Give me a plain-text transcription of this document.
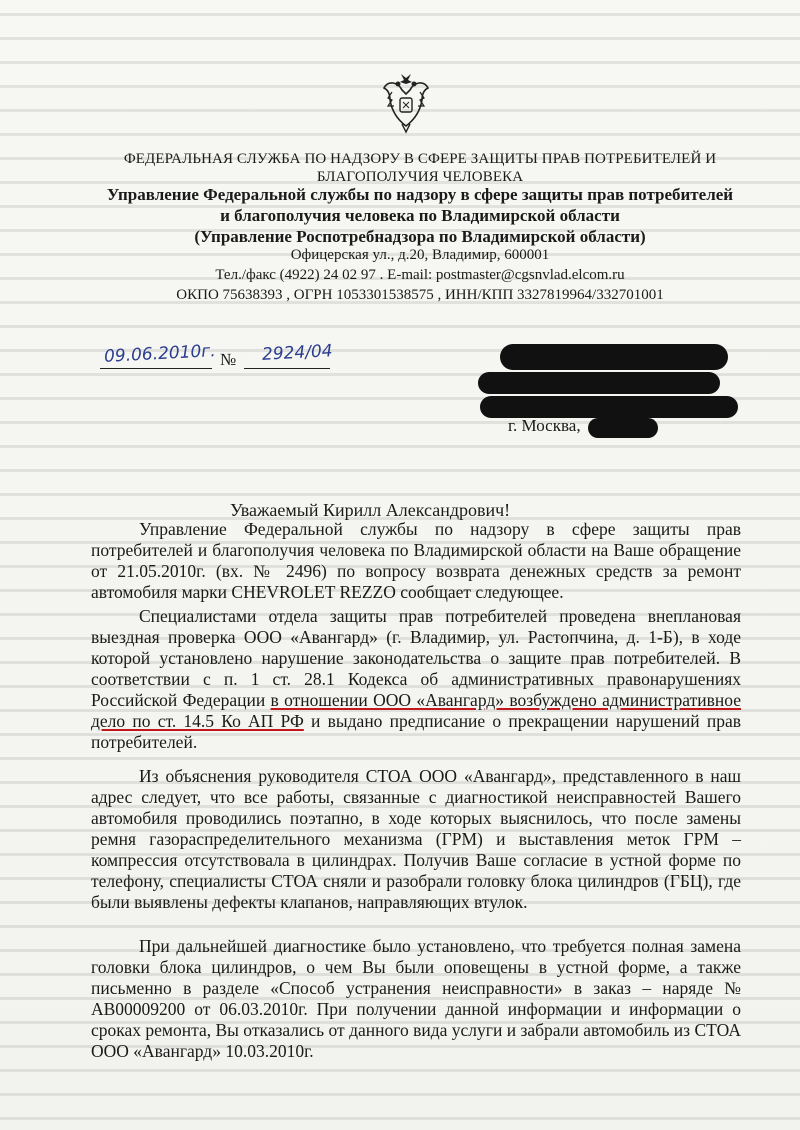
ФЕДЕРАЛЬНАЯ СЛУЖБА ПО НАДЗОРУ В СФЕРЕ ЗАЩИТЫ ПРАВ ПОТРЕБИТЕЛЕЙ И БЛАГОПОЛУЧИЯ ЧЕЛОВЕКА

Управление Федеральной службы по надзору в сфере защиты прав потребителей и благополучия человека по Владимирской области
(Управление Роспотребнадзора по Владимирской области)

Офицерская ул., д.20, Владимир, 600001

Тел./факс (4922) 24 02 97 . E-mail: postmaster@cgsnvlad.elcom.ru

ОКПО 75638393 , ОГРН 1053301538575 , ИНН/КПП 3327819964/332701001

09.06.2010г. № 2924/04
г. Москва,

Уважаемый Кирилл Александрович!

Управление Федеральной службы по надзору в сфере защиты прав потребителей и благополучия человека по Владимирской области на Ваше обращение от 21.05.2010г. (вх. № 2496) по вопросу возврата денежных средств за ремонт автомобиля марки CHEVROLET REZZO сообщает следующее.

Специалистами отдела защиты прав потребителей проведена внеплановая выездная проверка ООО «Авангард» (г. Владимир, ул. Растопчина, д. 1-Б), в ходе которой установлено нарушение законодательства о защите прав потребителей. В соответствии с п. 1 ст. 28.1 Кодекса об административных правонарушениях Российской Федерации в отношении ООО «Авангард» возбуждено административное дело по ст. 14.5 Ко АП РФ и выдано предписание о прекращении нарушений прав потребителей.

Из объяснения руководителя СТОА ООО «Авангард», представленного в наш адрес следует, что все работы, связанные с диагностикой неисправностей Вашего автомобиля проводились поэтапно, в ходе которых выяснилось, что после замены ремня газораспределительного механизма (ГРМ) и выставления меток ГРМ – компрессия отсутствовала в цилиндрах. Получив Ваше согласие в устной форме по телефону, специалисты СТОА сняли и разобрали головку блока цилиндров (ГБЦ), где были выявлены дефекты клапанов, направляющих втулок.

При дальнейшей диагностике было установлено, что требуется полная замена головки блока цилиндров, о чем Вы были оповещены в устной форме, а также письменно в разделе «Способ устранения неисправности» в заказ – наряде № АВ00009200 от 06.03.2010г. При получении данной информации и информации о сроках ремонта, Вы отказались от данного вида услуги и забрали автомобиль из СТОА ООО «Авангард» 10.03.2010г.
